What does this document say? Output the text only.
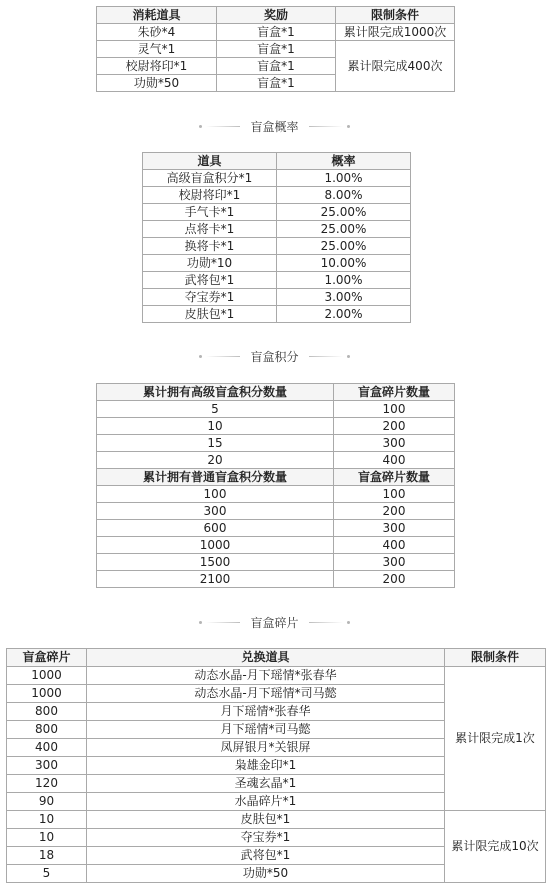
消耗道具	奖励	限制条件
朱砂*4	盲盒*1	累计限完成1000次
灵气*1	盲盒*1	累计限完成400次
校尉将印*1	盲盒*1	
功勋*50	盲盒*1	
盲盒概率
道具	概率
高级盲盒积分*1	1.00%
校尉将印*1	8.00%
手气卡*1	25.00%
点将卡*1	25.00%
换将卡*1	25.00%
功勋*10	10.00%
武将包*1	1.00%
夺宝券*1	3.00%
皮肤包*1	2.00%
盲盒积分
累计拥有高级盲盒积分数量	盲盒碎片数量
5	100
10	200
15	300
20	400
累计拥有普通盲盒积分数量	盲盒碎片数量
100	100
300	200
600	300
1000	400
1500	300
2100	200
盲盒碎片
盲盒碎片	兑换道具	限制条件
1000	动态水晶-月下瑶情*张春华	累计限完成1次
1000	动态水晶-月下瑶情*司马懿	
800	月下瑶情*张春华	
800	月下瑶情*司马懿	
400	凤屏银月*关银屏	
300	枭雄金印*1	
120	圣魂玄晶*1	
90	水晶碎片*1	
10	皮肤包*1	累计限完成10次
10	夺宝券*1	
18	武将包*1	
5	功勋*50	
